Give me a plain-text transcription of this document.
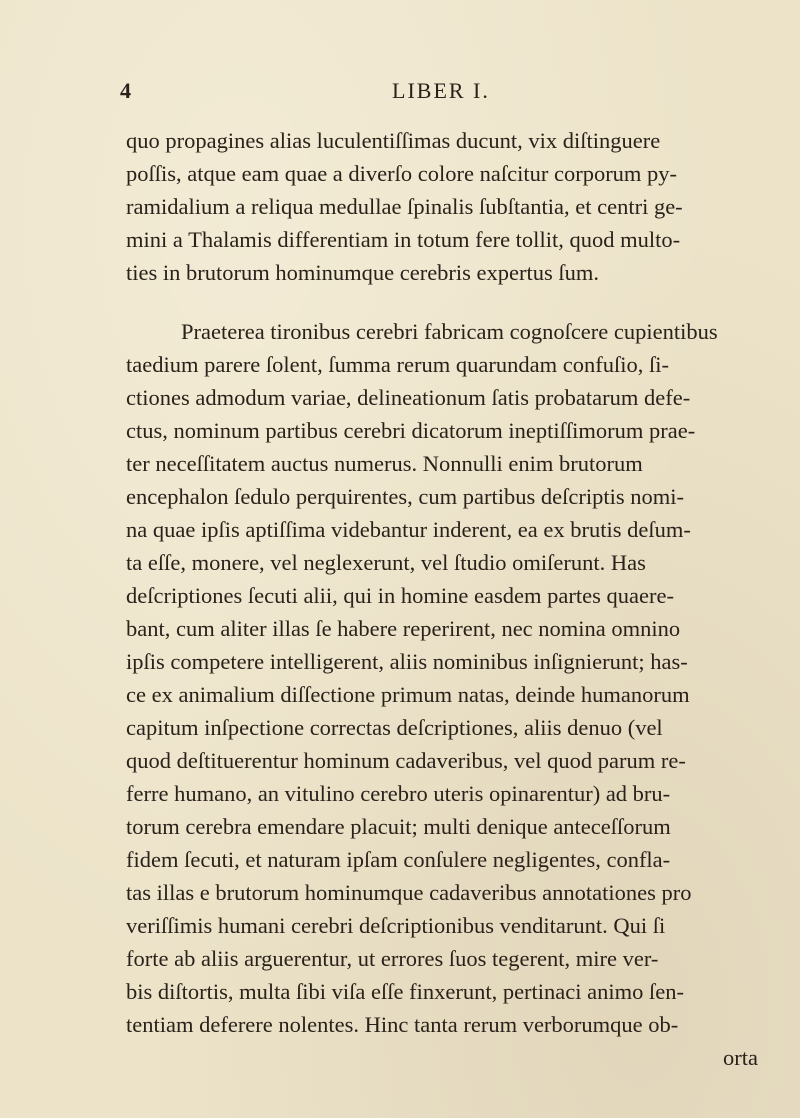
4	LIBER I.
quo propagines alias luculentiſſimas ducunt, vix diſtinguere
poſſis, atque eam quae a diverſo colore naſcitur corporum py-
ramidalium a reliqua medullae ſpinalis ſubſtantia, et centri ge-
mini a Thalamis differentiam in totum fere tollit, quod multo-
ties in brutorum hominumque cerebris expertus ſum.
Praeterea tironibus cerebri fabricam cognoſcere cupientibus
taedium parere ſolent, ſumma rerum quarundam confuſio, ſi-
ctiones admodum variae, delineationum ſatis probatarum defe-
ctus, nominum partibus cerebri dicatorum ineptiſſimorum prae-
ter neceſſitatem auctus numerus. Nonnulli enim brutorum
encephalon ſedulo perquirentes, cum partibus deſcriptis nomi-
na quae ipſis aptiſſima videbantur inderent, ea ex brutis deſum-
ta eſſe, monere, vel neglexerunt, vel ſtudio omiſerunt. Has
deſcriptiones ſecuti alii, qui in homine easdem partes quaere-
bant, cum aliter illas ſe habere reperirent, nec nomina omnino
ipſis competere intelligerent, aliis nominibus inſignierunt; has-
ce ex animalium diſſectione primum natas, deinde humanorum
capitum inſpectione correctas deſcriptiones, aliis denuo (vel
quod deſtituerentur hominum cadaveribus, vel quod parum re-
ferre humano, an vitulino cerebro uteris opinarentur) ad bru-
torum cerebra emendare placuit; multi denique anteceſſorum
fidem ſecuti, et naturam ipſam conſulere negligentes, confla-
tas illas e brutorum hominumque cadaveribus annotationes pro
veriſſimis humani cerebri deſcriptionibus venditarunt. Qui ſi
forte ab aliis arguerentur, ut errores ſuos tegerent, mire ver-
bis diſtortis, multa ſibi viſa eſſe finxerunt, pertinaci animo ſen-
tentiam deferere nolentes. Hinc tanta rerum verborumque ob-
orta
